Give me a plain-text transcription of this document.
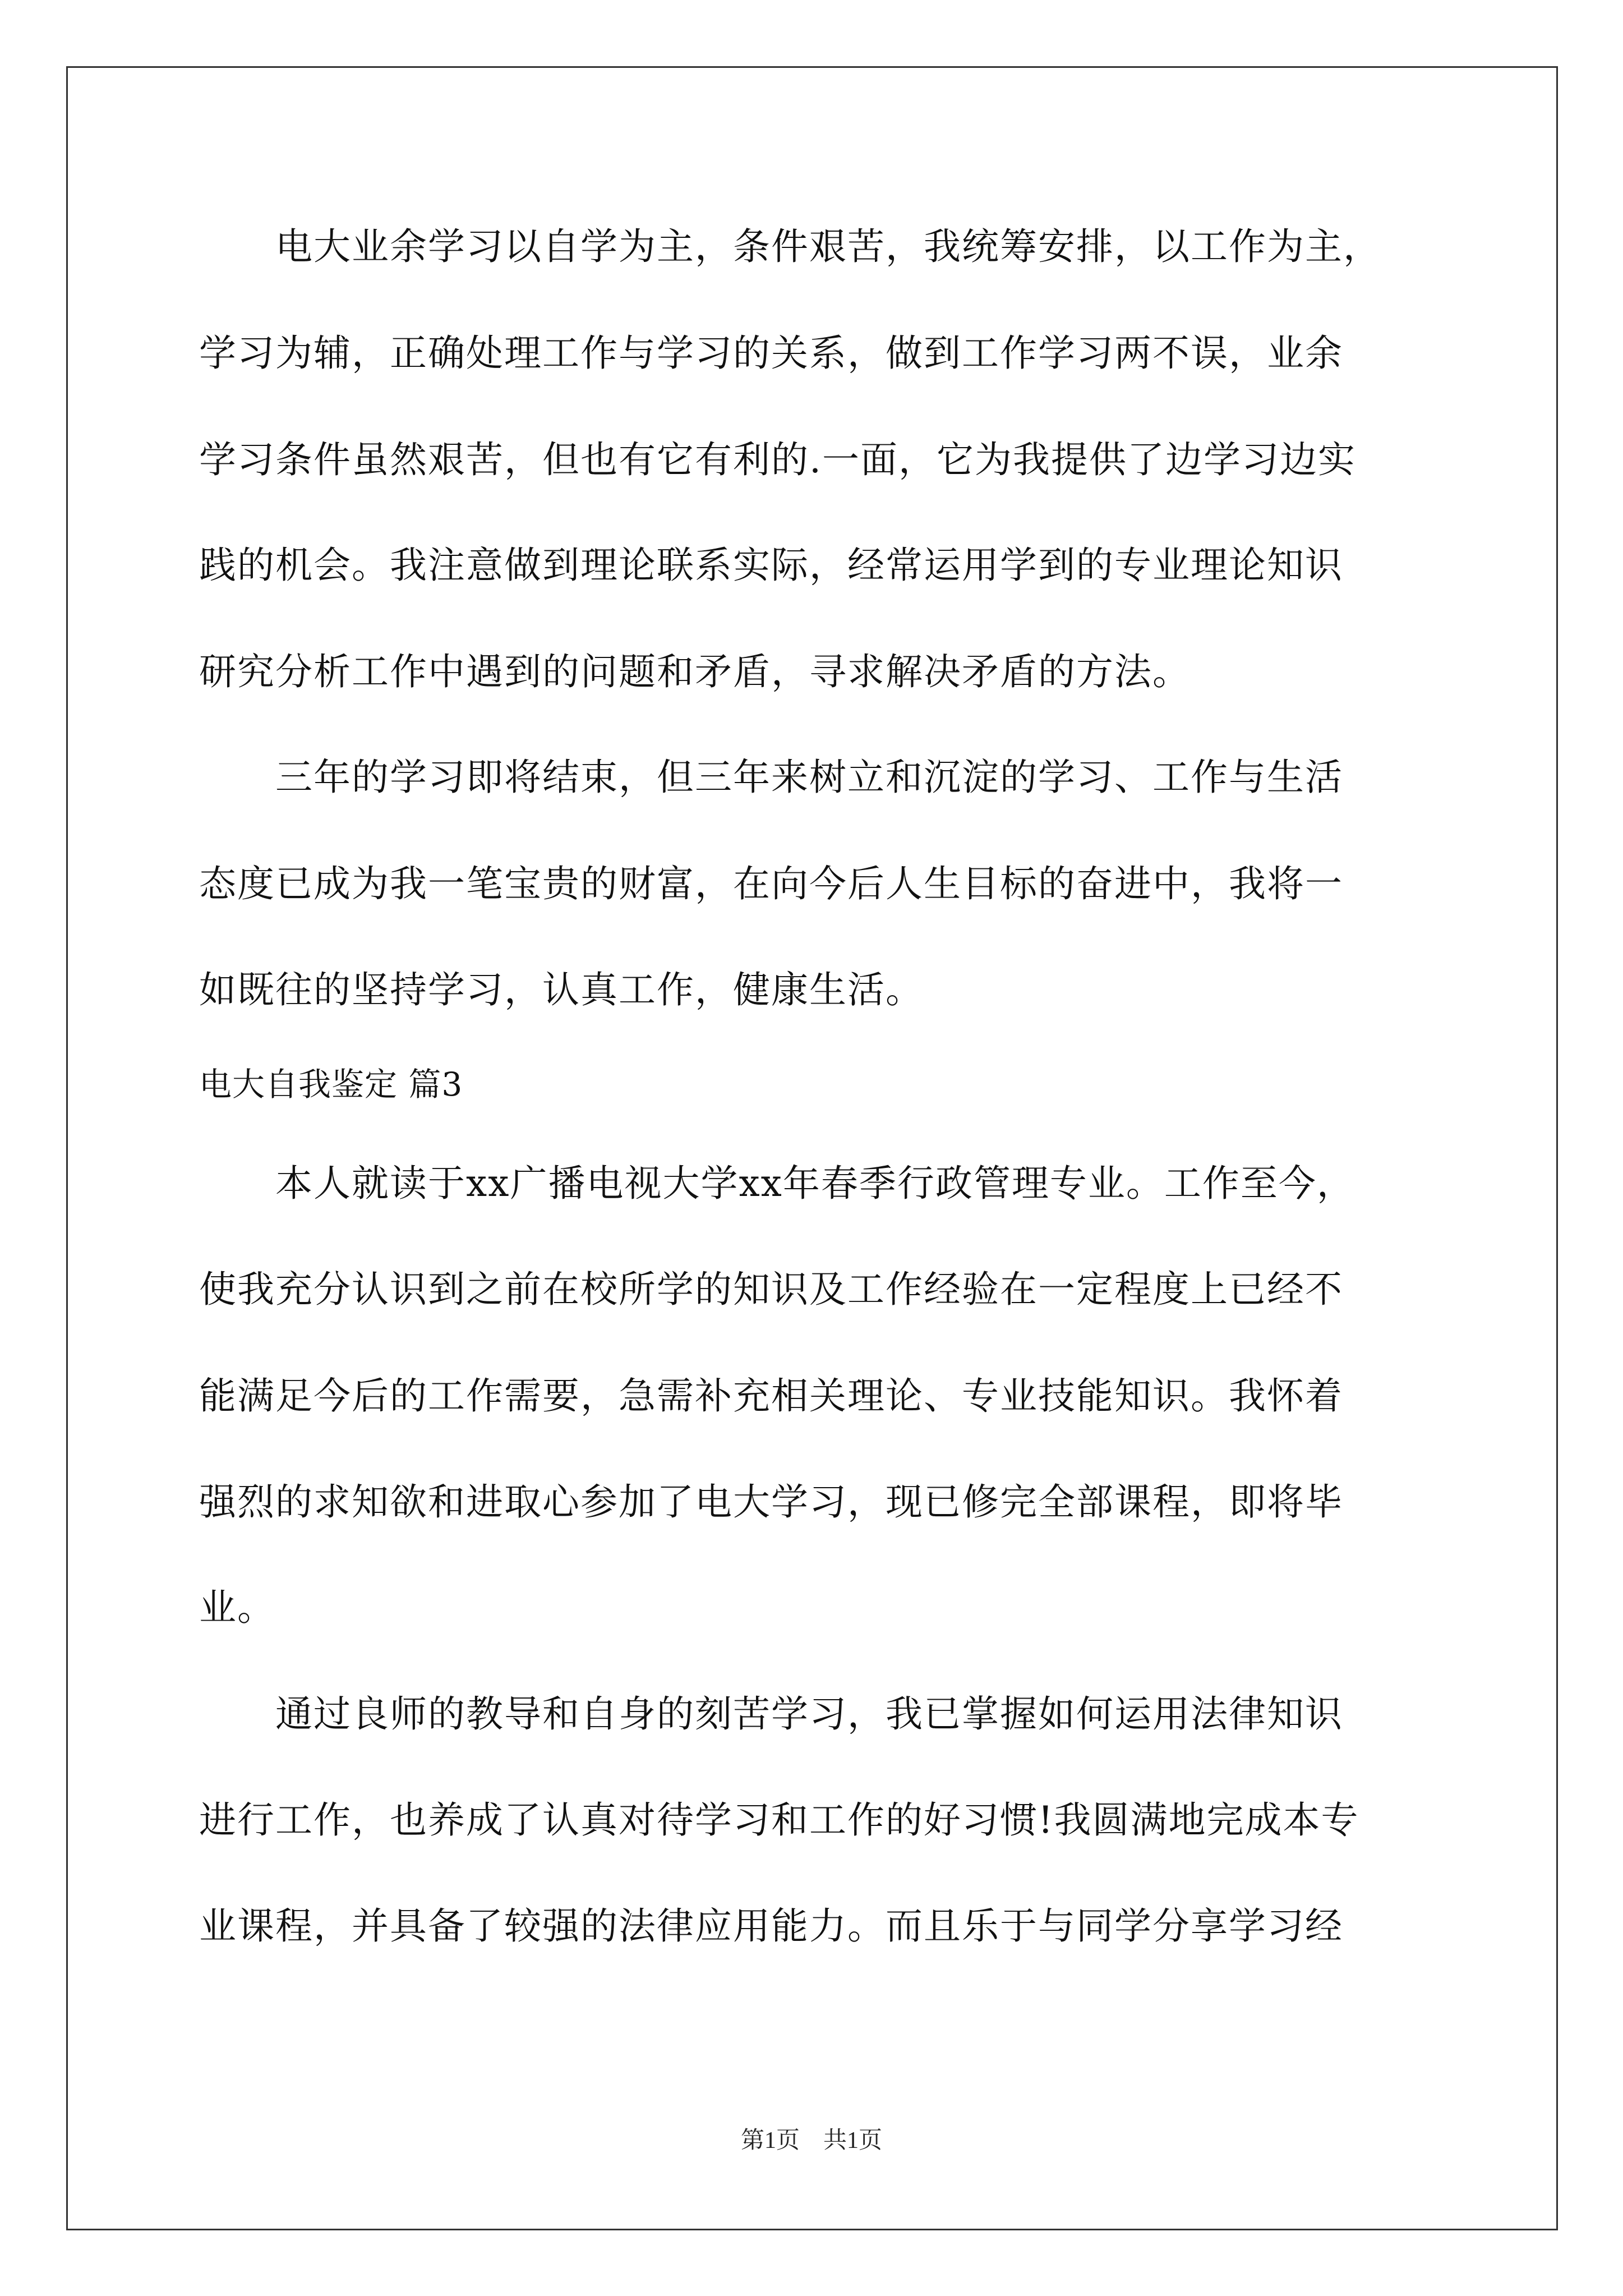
　　电大业余学习以自学为主，条件艰苦，我统筹安排，以工作为主，
学习为辅，正确处理工作与学习的关系，做到工作学习两不误，业余
学习条件虽然艰苦，但也有它有利的.一面，它为我提供了边学习边实
践的机会。我注意做到理论联系实际，经常运用学到的专业理论知识
研究分析工作中遇到的问题和矛盾，寻求解决矛盾的方法。
　　三年的学习即将结束，但三年来树立和沉淀的学习、工作与生活
态度已成为我一笔宝贵的财富，在向今后人生目标的奋进中，我将一
如既往的坚持学习，认真工作，健康生活。
电大自我鉴定 篇3
　　本人就读于xx广播电视大学xx年春季行政管理专业。工作至今，
使我充分认识到之前在校所学的知识及工作经验在一定程度上已经不
能满足今后的工作需要，急需补充相关理论、专业技能知识。我怀着
强烈的求知欲和进取心参加了电大学习，现已修完全部课程，即将毕
业。
　　通过良师的教导和自身的刻苦学习，我已掌握如何运用法律知识
进行工作，也养成了认真对待学习和工作的好习惯!我圆满地完成本专
业课程，并具备了较强的法律应用能力。而且乐于与同学分享学习经
第1页　共1页
